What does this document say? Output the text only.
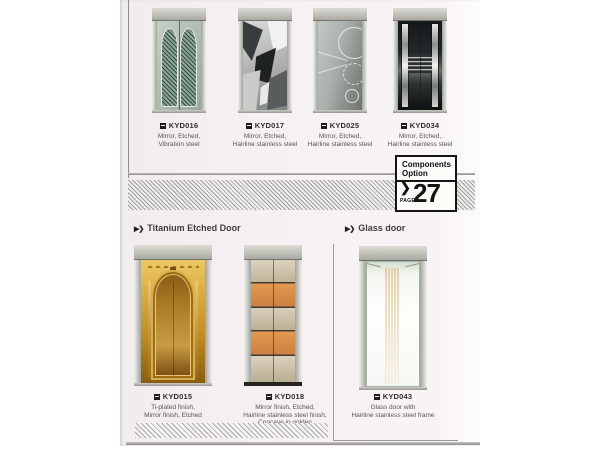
KYD016
Mirror, Etched,
Vibration steel
KYD017
Mirror, Etched,
Hairline stainless steel
KYD025
Mirror, Etched,
Hairline stainless steel
KYD034
Mirror, Etched,
Hairline stainless steel
Components
Option
❯
PAGE
27
▶❯ Titanium Etched Door	▶❯ Glass door
KYD015
Ti-plated finish,
Mirror finish, Etched
KYD018
Mirror finish, Etched,
Hairline stainless steel finish,
KYD043
Glass door with
Hairline stainless steel frame
